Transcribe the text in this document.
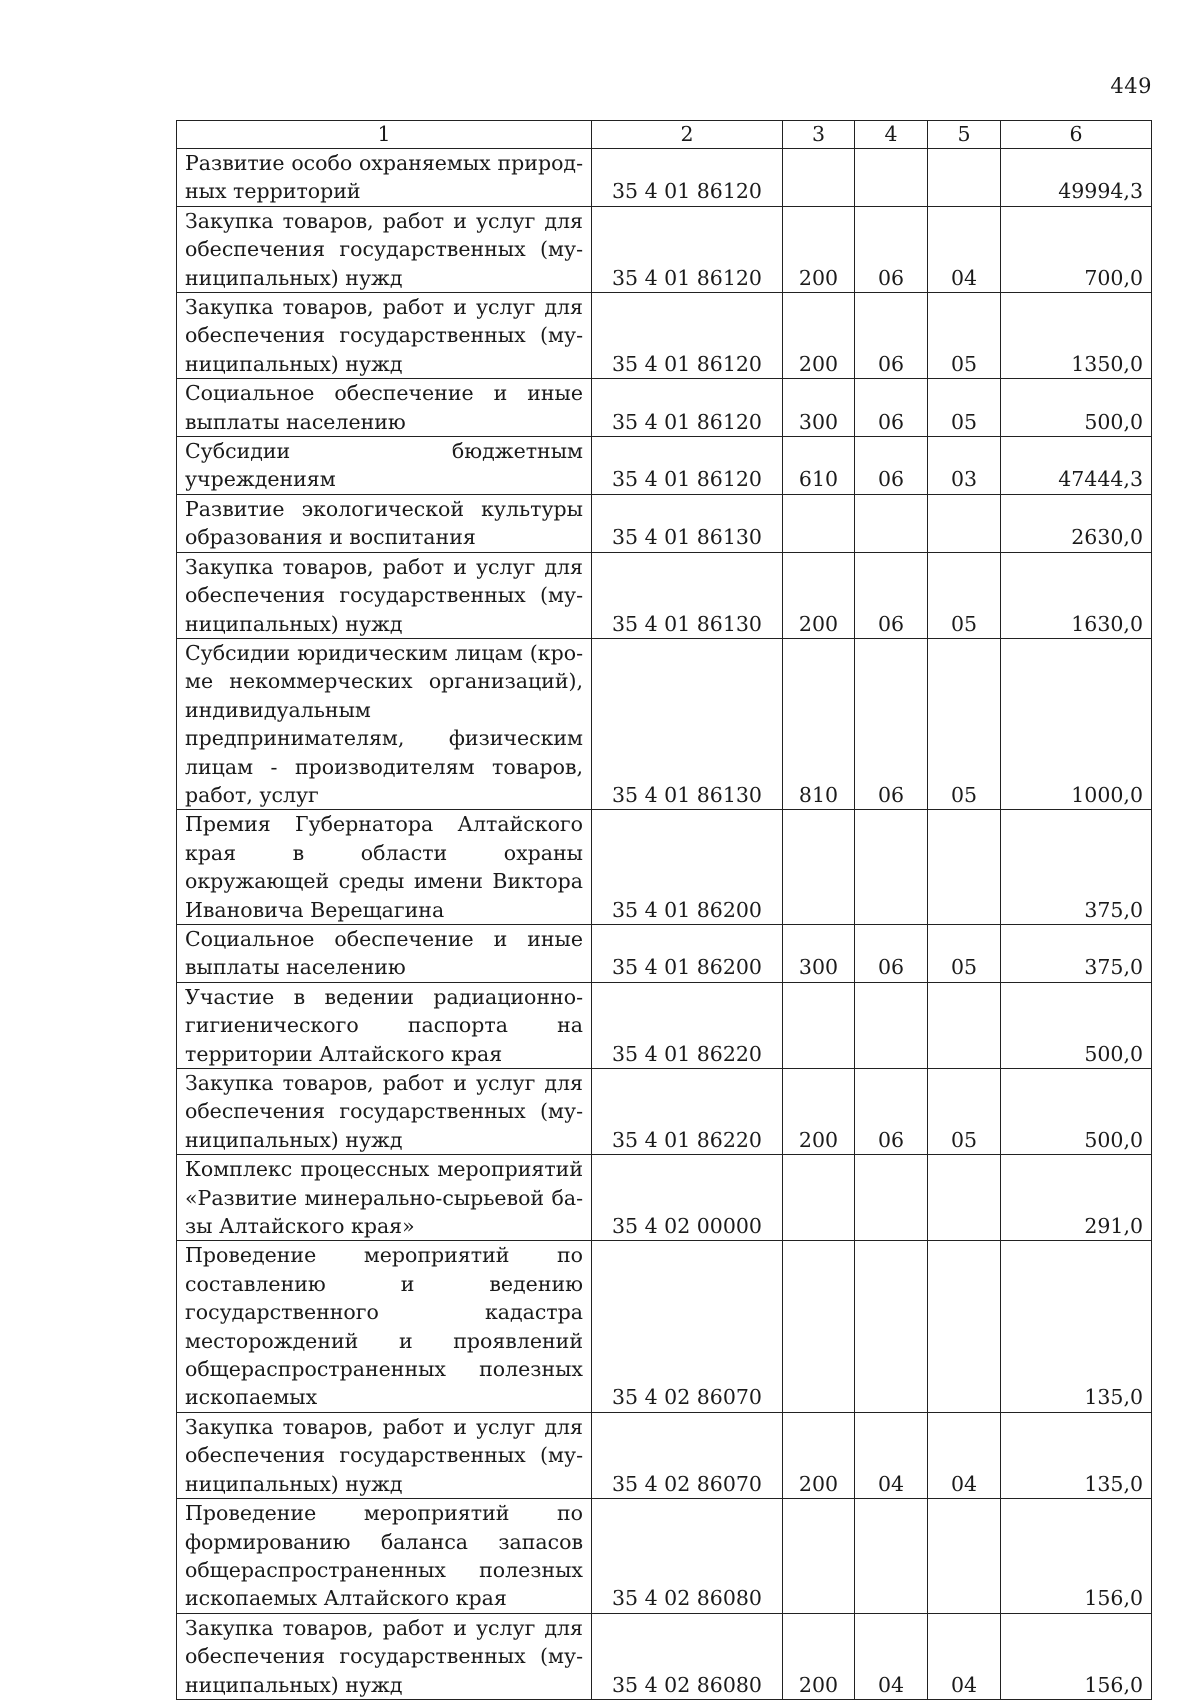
449
1	2	3	4	5	6
Развитие особо охраняемых природных территорий	35 4 01 86120				49994,3
Закупка товаров, работ и услуг для обеспечения государственных (муниципальных) нужд	35 4 01 86120	200	06	04	700,0
Закупка товаров, работ и услуг для обеспечения государственных (муниципальных) нужд	35 4 01 86120	200	06	05	1350,0
Социальное обеспечение и иные выплаты населению	35 4 01 86120	300	06	05	500,0
Субсидии бюджетным учреждениям	35 4 01 86120	610	06	03	47444,3
Развитие экологической культуры образования и воспитания	35 4 01 86130				2630,0
Закупка товаров, работ и услуг для обеспечения государственных (муниципальных) нужд	35 4 01 86130	200	06	05	1630,0
Субсидии юридическим лицам (кроме некоммерческих организаций), индивидуальным предпринимателям, физическим лицам - производителям товаров, работ, услуг	35 4 01 86130	810	06	05	1000,0
Премия Губернатора Алтайского края в области охраны окружающей среды имени Виктора Ивановича Верещагина	35 4 01 86200				375,0
Социальное обеспечение и иные выплаты населению	35 4 01 86200	300	06	05	375,0
Участие в ведении радиационно-гигиенического паспорта на территории Алтайского края	35 4 01 86220				500,0
Закупка товаров, работ и услуг для обеспечения государственных (муниципальных) нужд	35 4 01 86220	200	06	05	500,0
Комплекс процессных мероприятий «Развитие минерально-сырьевой базы Алтайского края»	35 4 02 00000				291,0
Проведение мероприятий по составлению и ведению государственного кадастра месторождений и проявлений общераспространенных полезных ископаемых	35 4 02 86070				135,0
Закупка товаров, работ и услуг для обеспечения государственных (муниципальных) нужд	35 4 02 86070	200	04	04	135,0
Проведение мероприятий по формированию баланса запасов общераспространенных полезных ископаемых Алтайского края	35 4 02 86080				156,0
Закупка товаров, работ и услуг для обеспечения государственных (муниципальных) нужд	35 4 02 86080	200	04	04	156,0
